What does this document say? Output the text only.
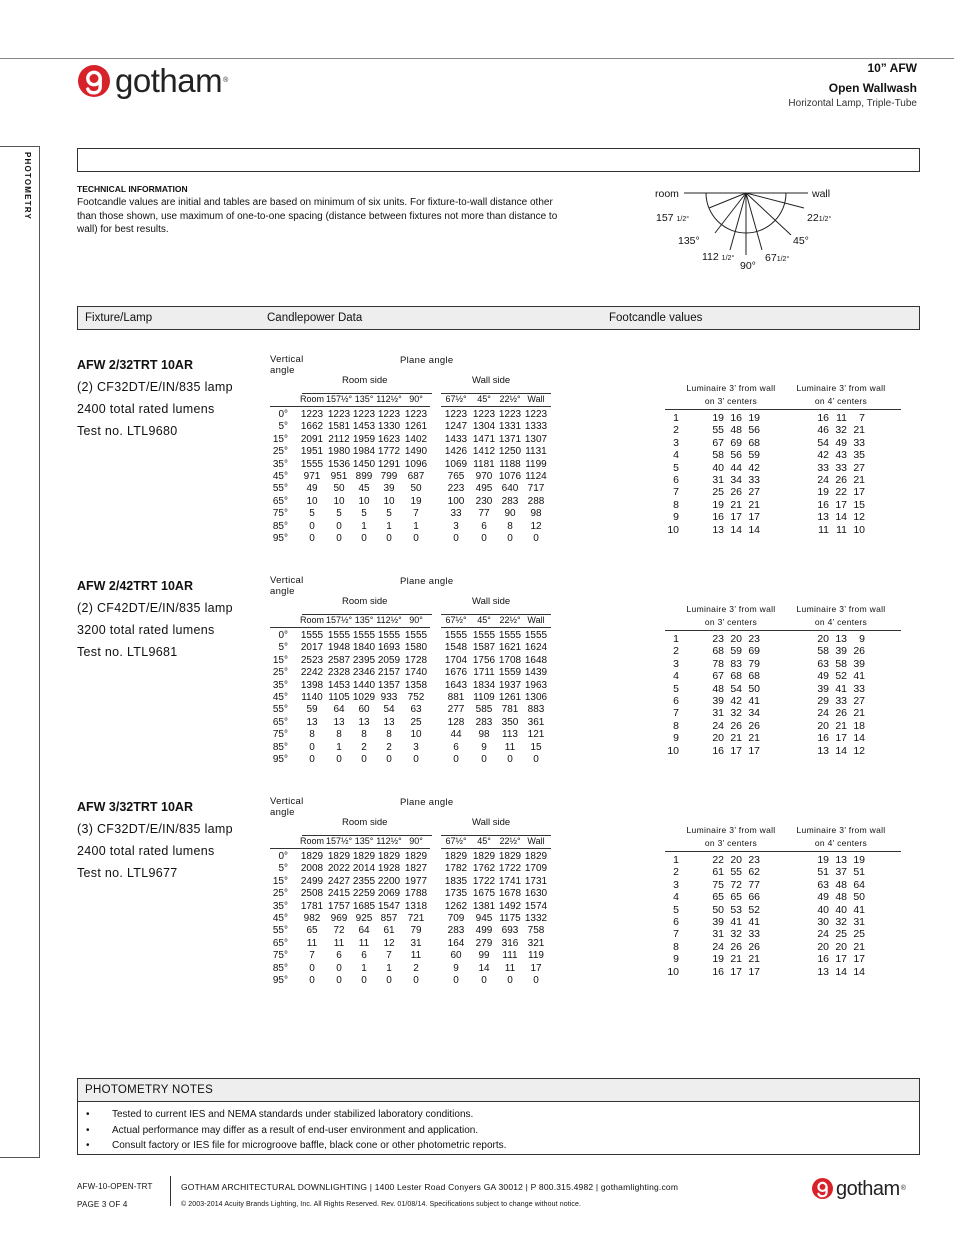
gotham®
10” AFW
Open Wallwash
Horizontal Lamp, Triple-Tube
PHOTOMETRY	TECHNICAL INFORMATION

Footcandle values are initial and tables are based on minimum of six units. For fixture-to-wall distance other than those shown, use maximum of one-to-one spacing (distance between fixtures not more than distance to wall) for best results.

room	wall
157 1/2°	221/2°
135°	45°
112 1/2°
90°
671/2°
Fixture/Lamp	Candlepower Data	Footcandle values
AFW 2/32TRT 10AR
(2) CF32DT/E/IN/835 lamp
2400 total rated lumens
Test no. LTL9680
Vertical
angle
Plane angle
Room side	Wall side
Room 157½° 135° 112½° 90°	67½°	45° 22½° Wall
0° 1223 1223 1223 1223 1223 1223 1223 1223 1223
5° 1662 1581 1453 1330 1261 1247 1304 1331 1333
15° 2091 2112 1959 1623 1402 1433 1471 1371 1307
25° 1951 1980 1984 1772 1490 1426 1412 1250 1131
35° 1555 1536 1450 1291 1096 1069 1181 1188 1199
45°	971	951 899 799	687	765	970 1076 1124
55°	49	50	45	39	50	223	495 640 717
65°	10	10	10	10	19	100	230 283 288
75°	5	5	5	5	7	33	77	90	98
85°	0	0	1	1	1	3	6	8	12
95°	0	0	0	0	0	0	0	0	0
Luminaire 3’ from wall
on 3’ centers
Luminaire 3’ from wall
on 4’ centers
1	19 16 19	16 11	7
2	55 48 56	46 32 21
3	67 69 68	54 49 33
4	58 56 59	42 43 35
5	40 44 42	33 33 27
6	31 34 33	24 26 21
7	25 26 27	19 22 17
8	19 21 21	16 17 15
9	16 17 17	13 14 12
10	13 14 14	11 11 10
AFW 2/42TRT 10AR
(2) CF42DT/E/IN/835 lamp
3200 total rated lumens
Test no. LTL9681
Vertical
angle
Plane angle
Room side	Wall side
Room 157½° 135° 112½° 90°	67½°	45° 22½° Wall
0° 1555 1555 1555 1555 1555 1555 1555 1555 1555
5° 2017 1948 1840 1693 1580 1548 1587 1621 1624
15° 2523 2587 2395 2059 1728 1704 1756 1708 1648
25° 2242 2328 2346 2157 1740 1676 1711 1559 1439
35° 1398 1453 1440 1357 1358 1643 1834 1937 1963
45°	1140 1105 1029 933	752	881 1109 1261 1306
55°	59	64	60	54	63	277	585 781 883
65°	13	13	13	13	25	128	283 350 361
75°	8	8	8	8	10	44	98	113 121
85°	0	1	2	2	3	6	9	11	15
95°	0	0	0	0	0	0	0	0	0
Luminaire 3’ from wall
on 3’ centers
Luminaire 3’ from wall
on 4’ centers
1	23 20 23	20 13	9
2	68 59 69	58 39 26
3	78 83 79	63 58 39
4	67 68 68	49 52 41
5	48 54 50	39 41 33
6	39 42 41	29 33 27
7	31 32 34	24 26 21
8	24 26 26	20 21 18
9	20 21 21	16 17 14
10	16 17 17	13 14 12
AFW 3/32TRT 10AR
(3) CF32DT/E/IN/835 lamp
2400 total rated lumens
Test no. LTL9677
Vertical
angle
Plane angle
Room side	Wall side
Room 157½° 135° 112½° 90°	67½°	45° 22½° Wall
0° 1829 1829 1829 1829 1829 1829 1829 1829 1829
5° 2008 2022 2014 1928 1827 1782 1762 1722 1709
15° 2499 2427 2355 2200 1977 1835 1722 1741 1731
25° 2508 2415 2259 2069 1788 1735 1675 1678 1630
35° 1781 1757 1685 1547 1318 1262 1381 1492 1574
45°	982	969 925 857	721	709	945 1175 1332
55°	65	72	64	61	79	283	499 693 758
65°	11	11	11	12	31	164	279 316 321
75°	7	6	6	7	11	60	99	111	119
85°	0	0	1	1	2	9	14	11	17
95°	0	0	0	0	0	0	0	0	0
Luminaire 3’ from wall
on 3’ centers
Luminaire 3’ from wall
on 4’ centers
1	22 20 23	19 13 19
2	61 55 62	51 37 51
3	75 72 77	63 48 64
4	65 65 66	49 48 50
5	50 53 52	40 40 41
6	39 41 41	30 32 31
7	31 32 33	24 25 25
8	24 26 26	20 20 21
9	19 21 21	16 17 17
10	16 17 17	13 14 14
PHOTOMETRY NOTES
• Tested to current IES and NEMA standards under stabilized laboratory conditions.
• Actual performance may differ as a result of end-user environment and application.
• Consult factory or IES file for microgroove baffle, black cone or other photometric reports.
AFW-10-OPEN-TRT
PAGE 3 OF 4
GOTHAM ARCHITECTURAL DOWNLIGHTING | 1400 Lester Road Conyers GA 30012 | P 800.315.4982 | gothamlighting.com
© 2003-2014 Acuity Brands Lighting, Inc. All Rights Reserved. Rev. 01/08/14. Specifications subject to change without notice.
gotham®
